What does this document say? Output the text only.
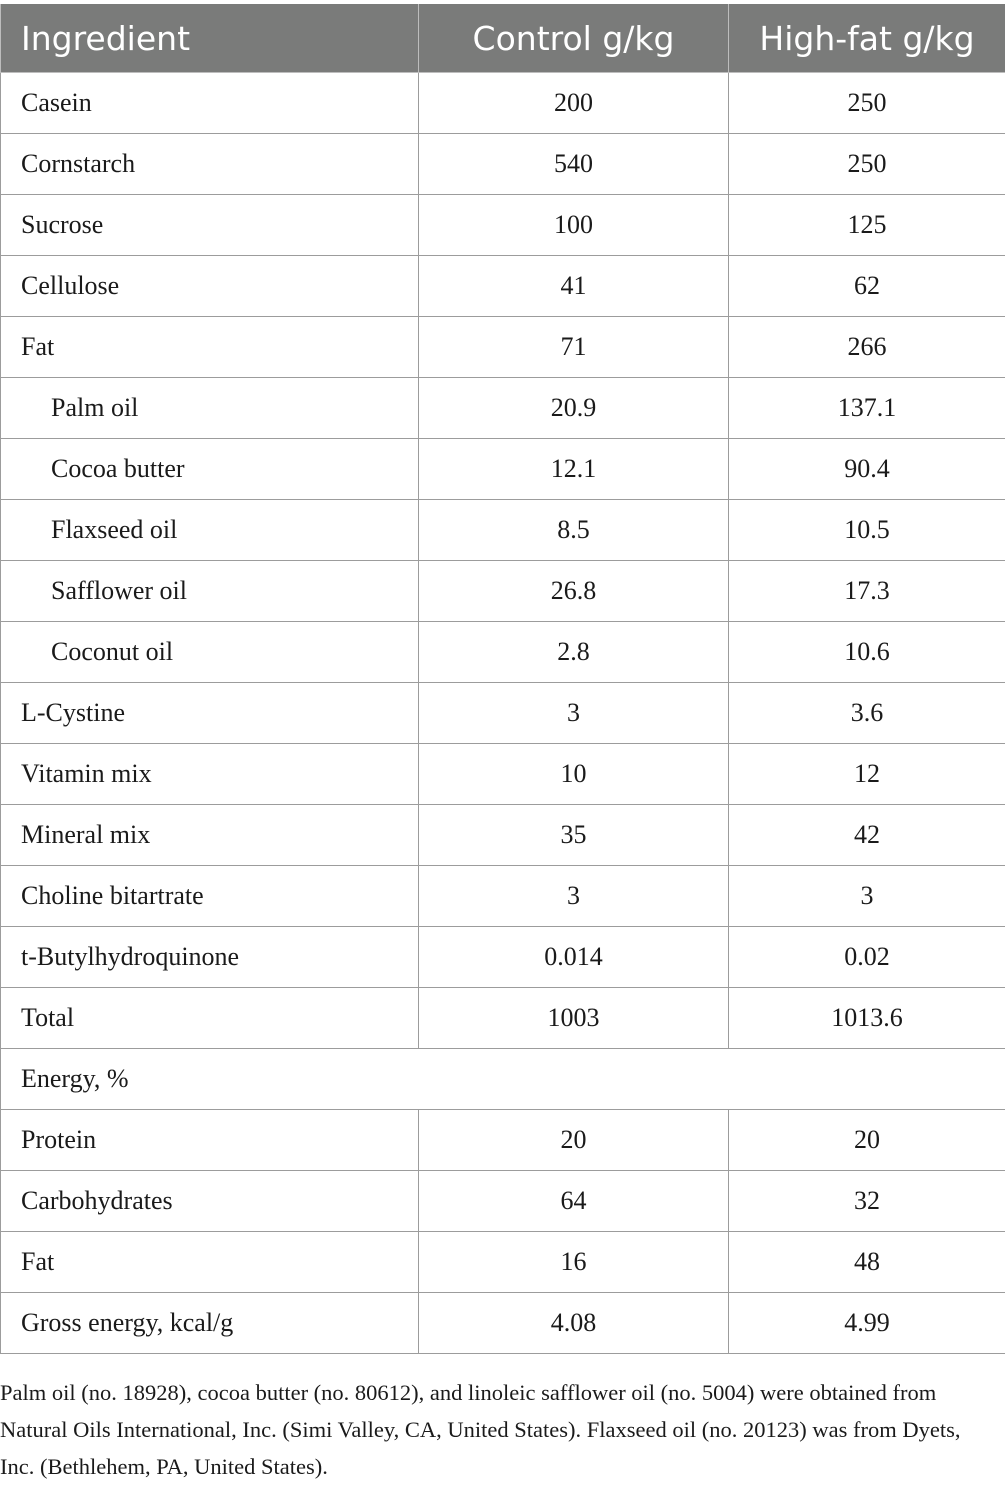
Ingredient	Control g/kg	High-fat g/kg
Casein	200	250
Cornstarch	540	250
Sucrose	100	125
Cellulose	41	62
Fat	71	266
Palm oil	20.9	137.1
Cocoa butter	12.1	90.4
Flaxseed oil	8.5	10.5
Safflower oil	26.8	17.3
Coconut oil	2.8	10.6
L-Cystine	3	3.6
Vitamin mix	10	12
Mineral mix	35	42
Choline bitartrate	3	3
t-Butylhydroquinone	0.014	0.02
Total	1003	1013.6
Energy, %		
Protein	20	20
Carbohydrates	64	32
Fat	16	48
Gross energy, kcal/g	4.08	4.99

Palm oil (no. 18928), cocoa butter (no. 80612), and linoleic safflower oil (no. 5004) were obtained from Natural Oils International, Inc. (Simi Valley, CA, United States). Flaxseed oil (no. 20123) was from Dyets, Inc. (Bethlehem, PA, United States).
